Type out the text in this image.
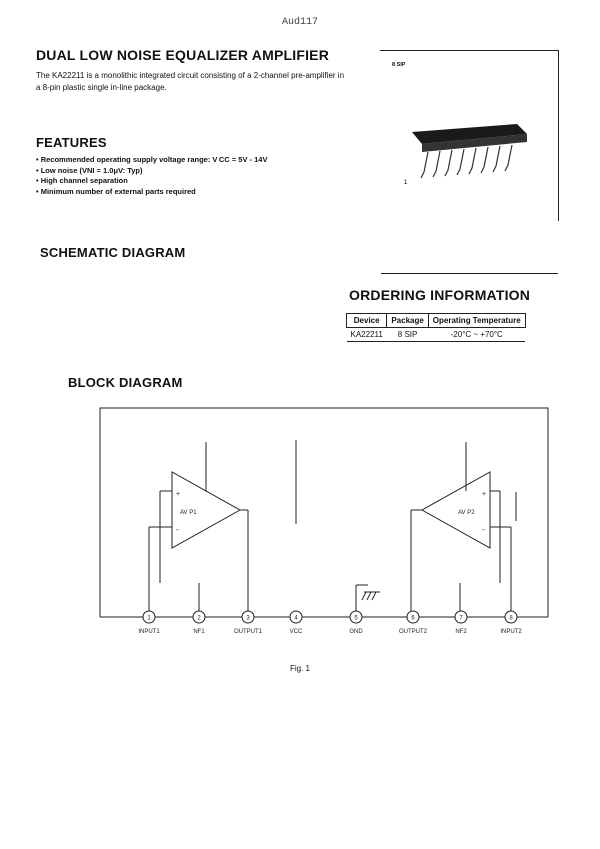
Aud117
DUAL LOW NOISE EQUALIZER AMPLIFIER
The KA22211 is a monolithic integrated circuit consisting of a 2-channel pre-amplifier in a 8-pin plastic single in-line package.
8 SIP
1
FEATURES
• Recommended operating supply voltage range: V CC = 5V - 14V
• Low noise (VNI = 1.0μV: Typ)
• High channel separation
• Minimum number of external parts required
SCHEMATIC DIAGRAM
ORDERING INFORMATION
Device	Package	Operating Temperature
KA22211	8 SIP	-20°C ~ +70°C
BLOCK DIAGRAM
+
-
AV P1
+
-
AV P2
1	2	3	4	5	6	7	8
INPUT1	NF1	OUTPUT1	VCC	GND	OUTPUT2	NF2	INPUT2
Fig. 1
